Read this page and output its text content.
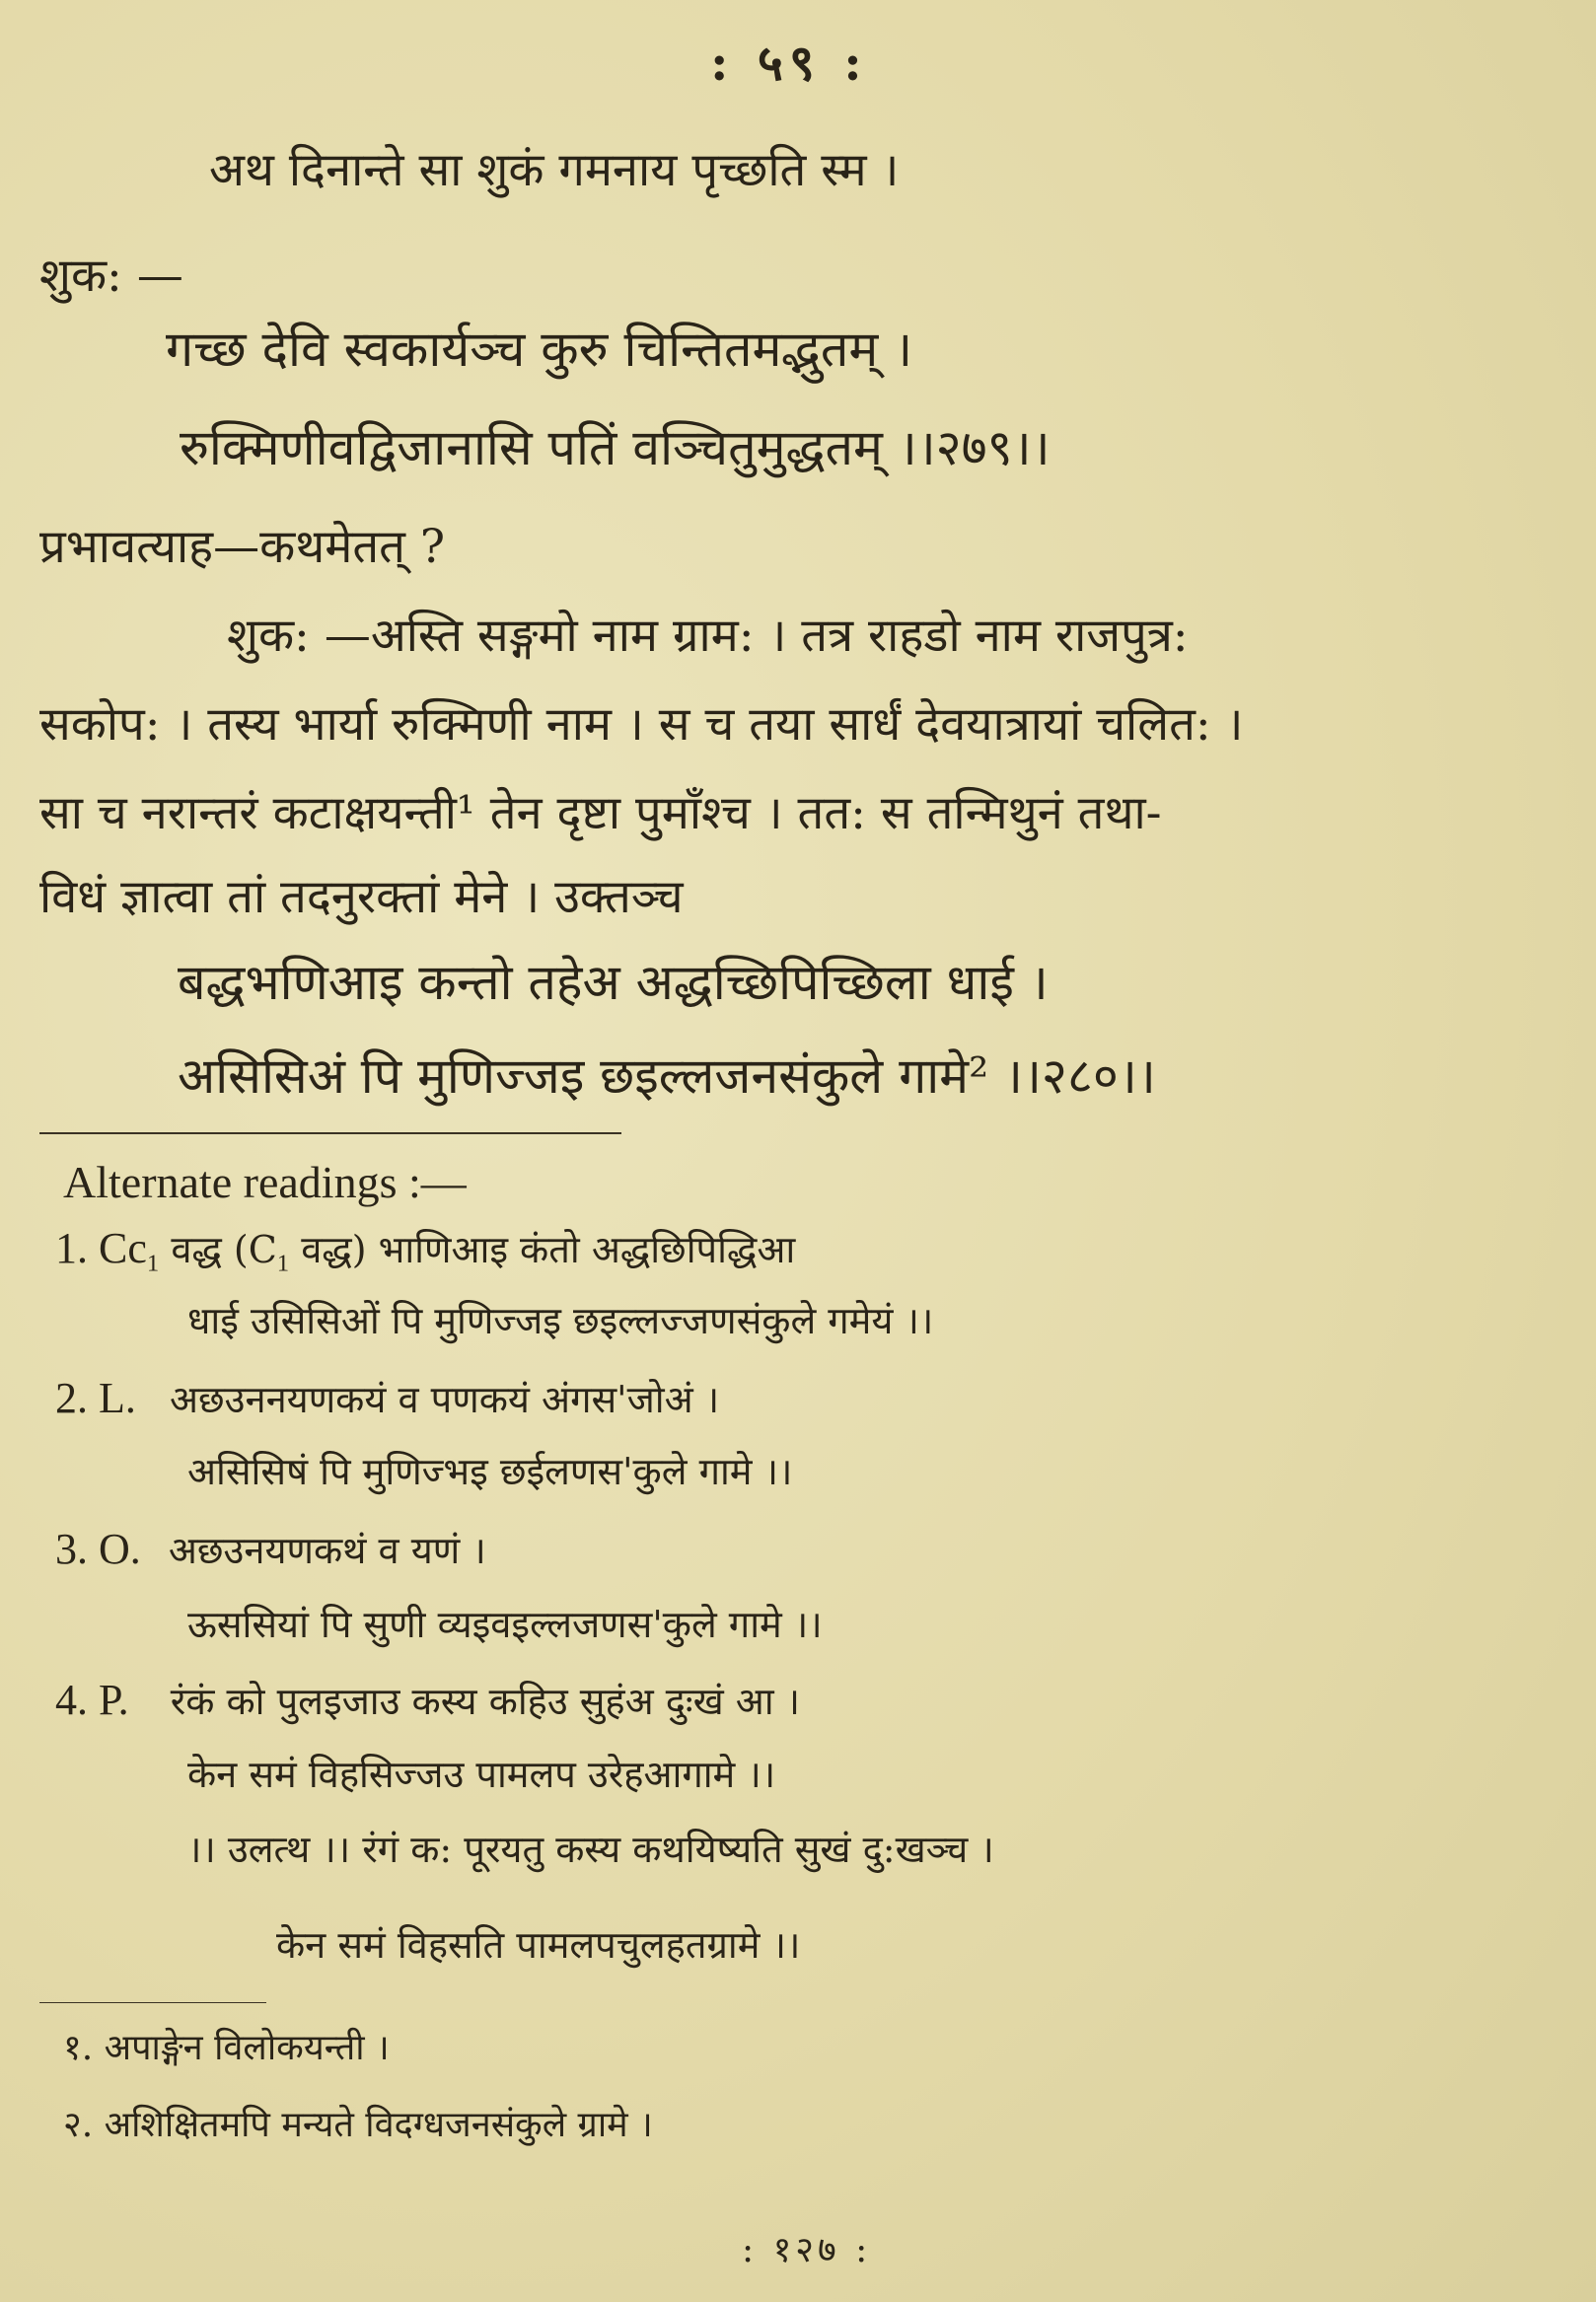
: ५९ :
अथ दिनान्ते सा शुकं गमनाय पृच्छति स्म ।
शुक: —
गच्छ देवि स्वकार्यञ्च कुरु चिन्तितमद्भुतम् ।
रुक्मिणीवद्विजानासि पतिं वञ्चितुमुद्धतम् ।।२७९।।
प्रभावत्याह—कथमेतत् ?
शुक: —अस्ति सङ्गमो नाम ग्राम: । तत्र राहडो नाम राजपुत्र:
सकोप: । तस्य भार्या रुक्मिणी नाम । स च तया सार्धं देवयात्रायां चलित: ।
सा च नरान्तरं कटाक्षयन्ती¹ तेन दृष्टा पुमाँश्च । तत: स तन्मिथुनं तथा-
विधं ज्ञात्वा तां तदनुरक्तां मेने । उक्तञ्च
बद्धभणिआइ कन्तो तहेअ अद्धच्छिपिच्छिला धाई ।
असिसिअं पि मुणिज्जइ छइल्लजनसंकुले गामे² ।।२८०।।
Alternate readings :—
1. $Cc_1$ वद्ध ($C_1$ वद्ध) भाणिआइ कंतो अद्धछिपिद्धिआ
धाई उसिसिओं पि मुणिज्जइ छइल्लज्जणसंकुले गमेयं ।।
2. L. अछउननयणकयं व पणकयं अंगस'जोअं ।
असिसिषं पि मुणिज्भइ छईलणस'कुले गामे ।।
3. O. अछउनयणकथं व यणं ।
ऊससियां पि सुणी व्यइवइल्लजणस'कुले गामे ।।
4. P. रंकं को पुलइजाउ कस्य कहिउ सुहंअ दुःखं आ ।
केन समं विहसिज्जउ पामलप उरेहआगामे ।।
।। उलत्थ ।। रंगं क: पूरयतु कस्य कथयिष्यति सुखं दु:खञ्च ।
केन समं विहसति पामलपचुलहतग्रामे ।।
१. अपाङ्गेन विलोकयन्ती ।
२. अशिक्षितमपि मन्यते विदग्धजनसंकुले ग्रामे ।
: १२७ :
